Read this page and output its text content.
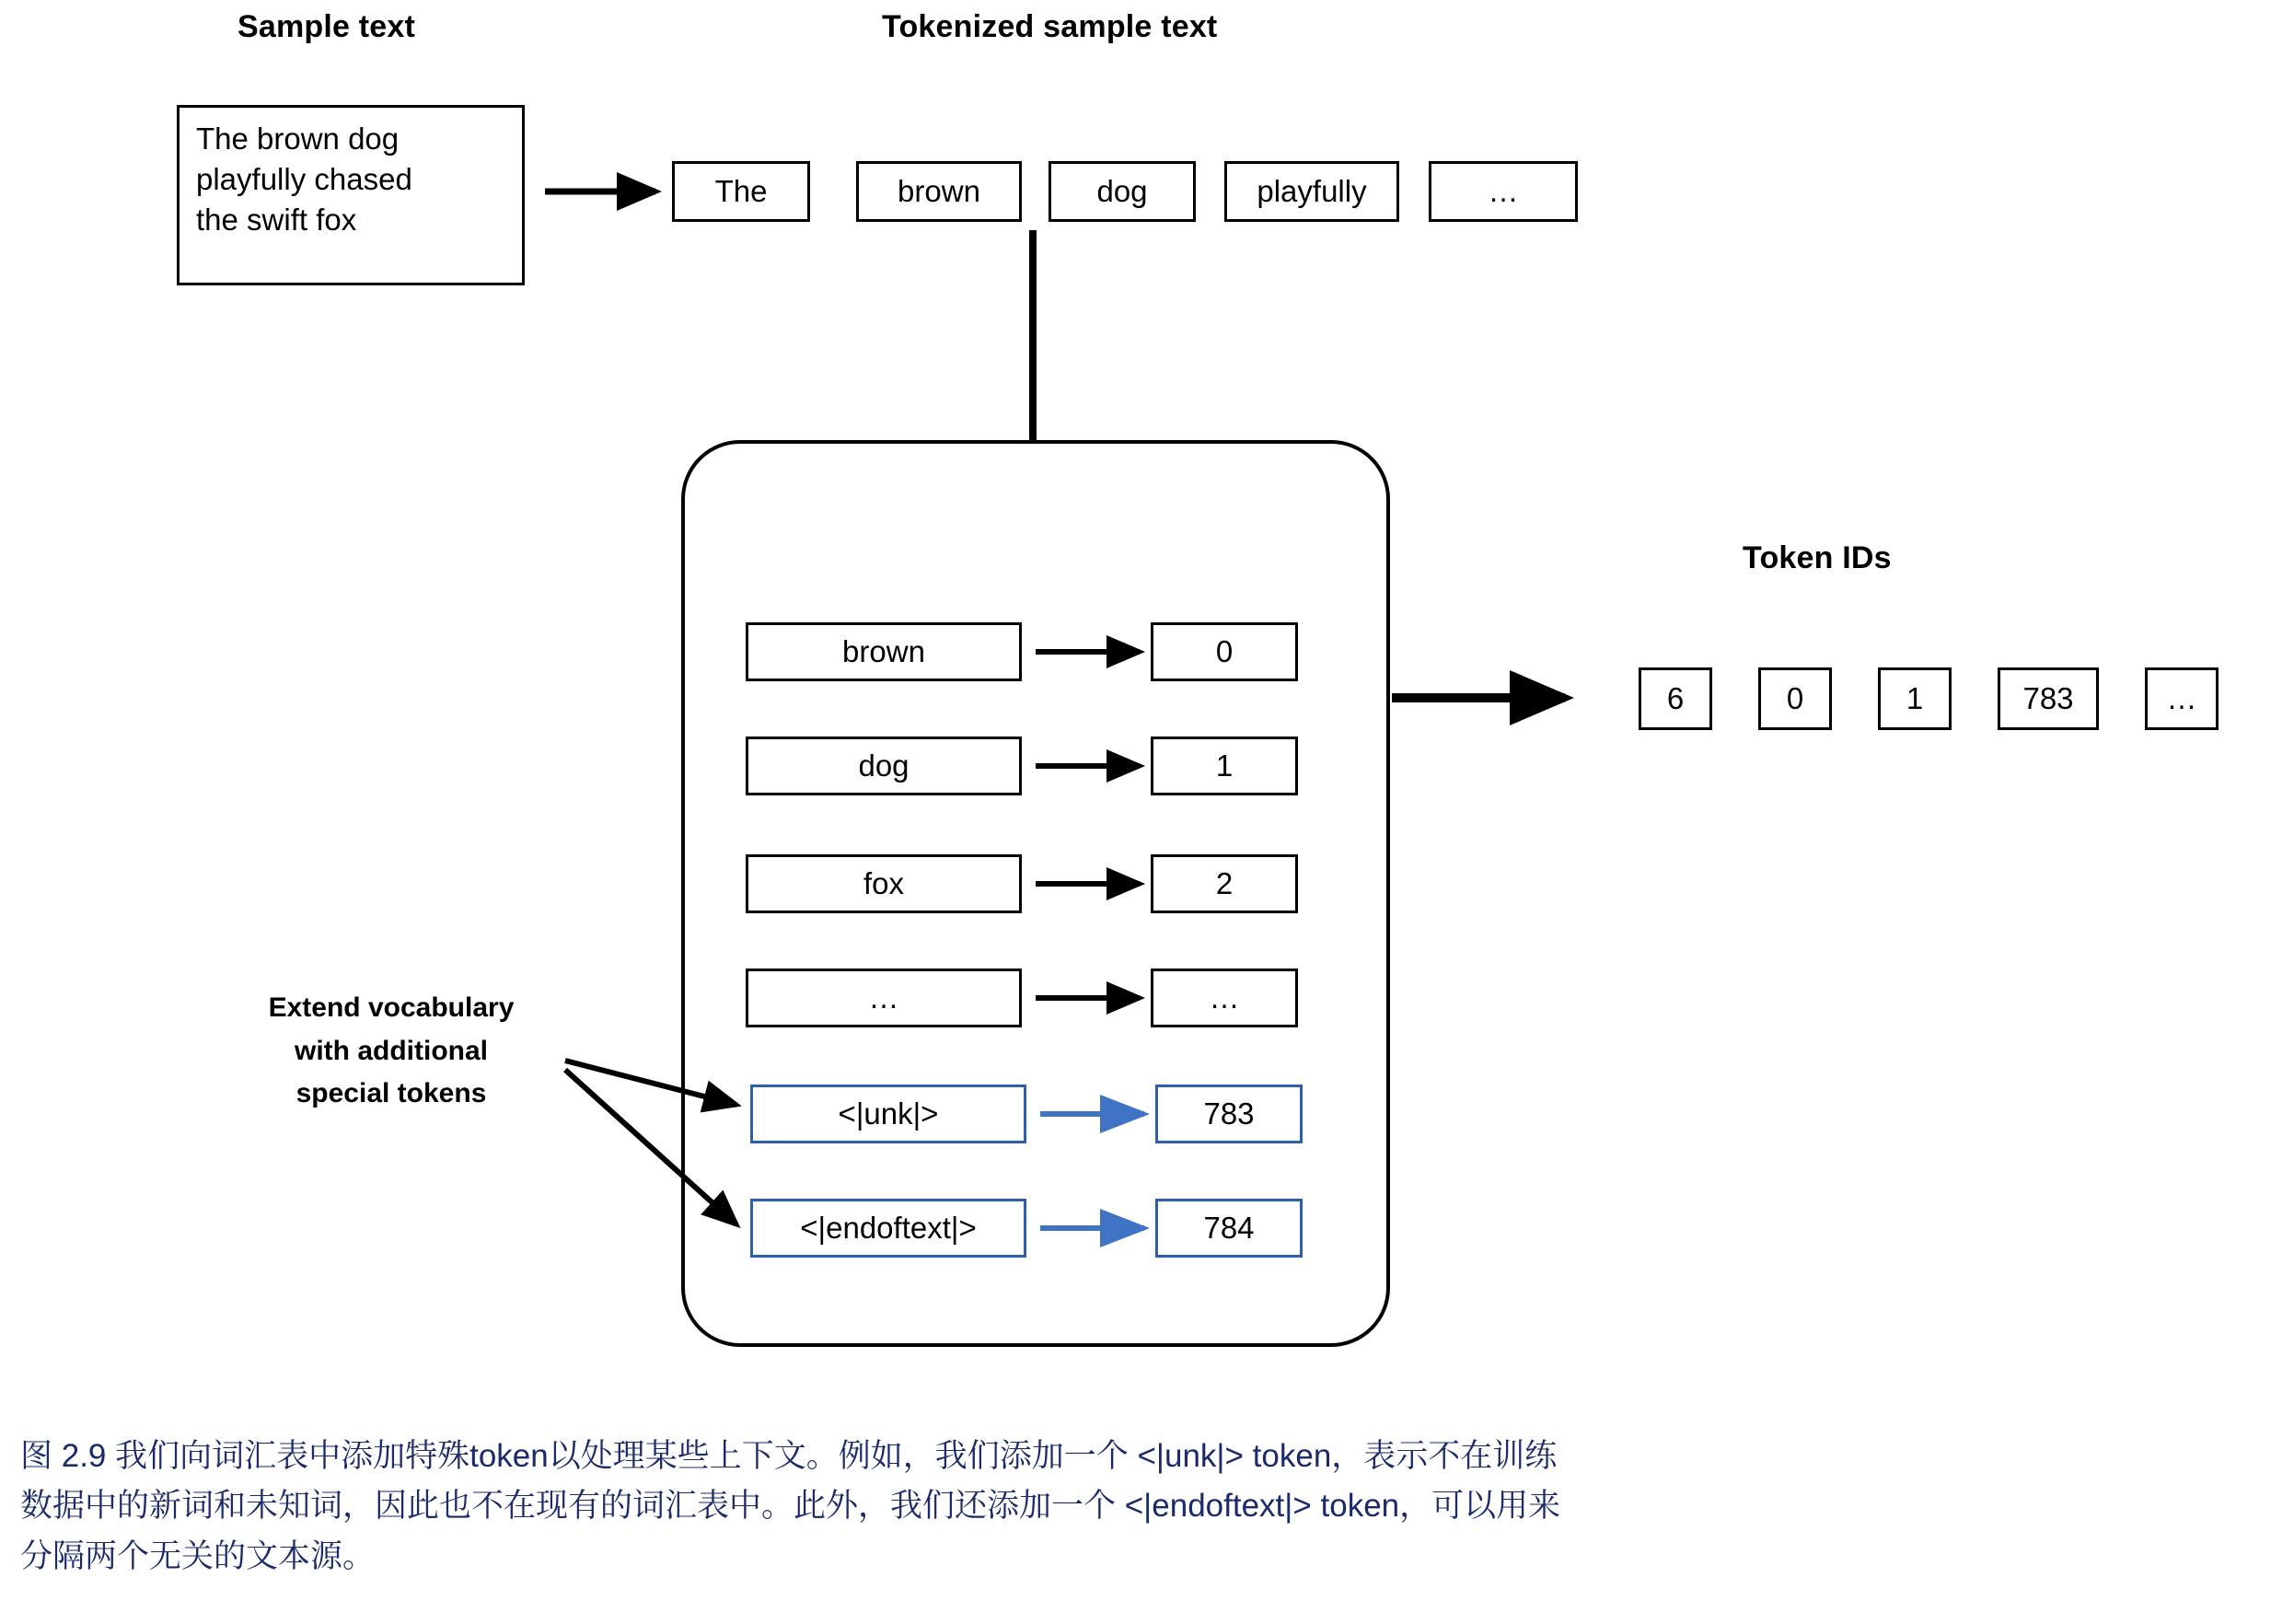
Sample text	Tokenized sample text
Token IDs
The brown dog
playfully chased
the swift fox
The	brown	dog	playfully	…
brown	0
dog	1
fox	2
…	…
<|unk|>	783
<|endoftext|>	784
6	0	1	783	…
Extend vocabulary
with additional
special tokens
图 2.9 我们向词汇表中添加特殊token以处理某些上下文。例如，我们添加一个 <|unk|> token，表示不在训练
数据中的新词和未知词，因此也不在现有的词汇表中。此外，我们还添加一个 <|endoftext|> token，可以用来
分隔两个无关的文本源。
